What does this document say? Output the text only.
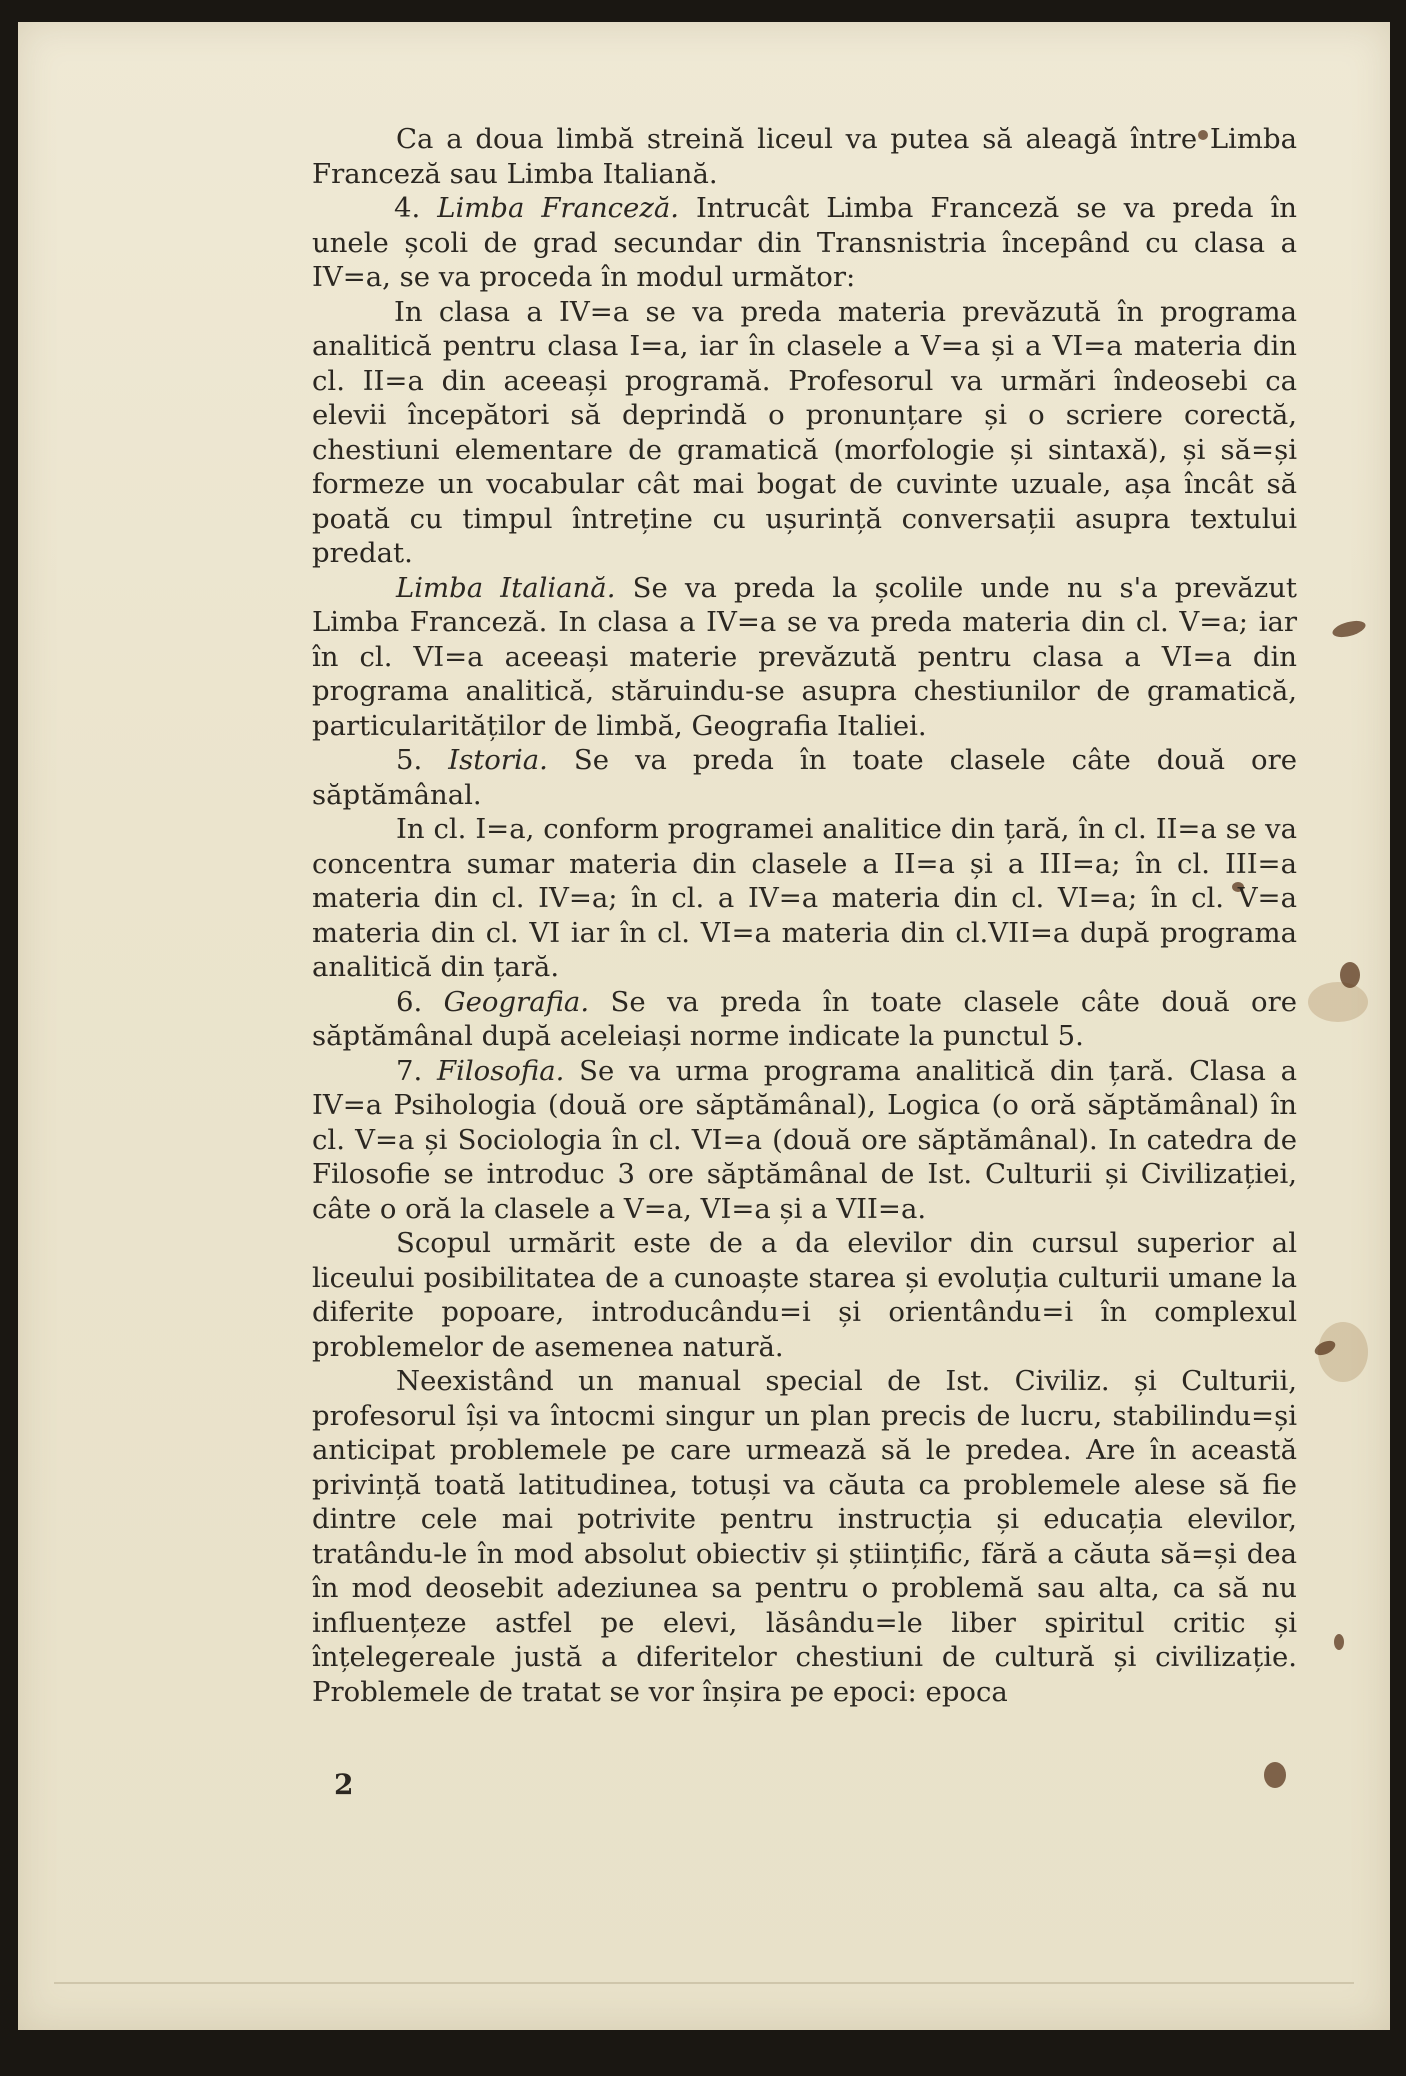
Ca a doua limbă streină liceul va putea să aleagă între Limba Franceză sau Limba Italiană.

4. Limba Franceză. Intrucât Limba Franceză se va preda în unele școli de grad secundar din Transnistria începând cu clasa a IV=a, se va proceda în modul următor:

In clasa a IV=a se va preda materia prevăzută în programa analitică pentru clasa I=a, iar în clasele a V=a și a VI=a materia din cl. II=a din aceeași programă. Profesorul va urmări îndeosebi ca elevii începători să deprindă o pronunțare și o scriere corectă, chestiuni elementare de gramatică (morfologie și sintaxă), și să=și formeze un vocabular cât mai bogat de cuvinte uzuale, așa încât să poată cu timpul întreține cu ușurință conversații asupra textului predat.

Limba Italiană. Se va preda la școlile unde nu s'a prevăzut Limba Franceză. In clasa a IV=a se va preda materia din cl. V=a; iar în cl. VI=a aceeași materie prevăzută pentru clasa a VI=a din programa analitică, stăruindu-se asupra chestiunilor de gramatică, particularităților de limbă, Geografia Italiei.

5. Istoria. Se va preda în toate clasele câte două ore săptămânal.

In cl. I=a, conform programei analitice din țară, în cl. II=a se va concentra sumar materia din clasele a II=a și a III=a; în cl. III=a materia din cl. IV=a; în cl. a IV=a materia din cl. VI=a; în cl. V=a materia din cl. VI iar în cl. VI=a materia din cl.VII=a după programa analitică din țară.

6. Geografia. Se va preda în toate clasele câte două ore săptămânal după aceleiași norme indicate la punctul 5.

7. Filosofia. Se va urma programa analitică din țară. Clasa a IV=a Psihologia (două ore săptămânal), Logica (o oră săptămânal) în cl. V=a și Sociologia în cl. VI=a (două ore săptămânal). In catedra de Filosofie se introduc 3 ore săptămânal de Ist. Culturii și Civilizației, câte o oră la clasele a V=a, VI=a și a VII=a.

Scopul urmărit este de a da elevilor din cursul superior al liceului posibilitatea de a cunoaște starea și evoluția culturii umane la diferite popoare, introducându=i și orientându=i în complexul problemelor de asemenea natură.

Neexistând un manual special de Ist. Civiliz. și Culturii, profesorul își va întocmi singur un plan precis de lucru, stabilindu=și anticipat problemele pe care urmează să le predea. Are în această privință toată latitudinea, totuși va căuta ca problemele alese să fie dintre cele mai potrivite pentru instrucția și educația elevilor, tratându-le în mod absolut obiectiv și științific, fără a căuta să=și dea în mod deosebit adeziunea sa pentru o problemă sau alta, ca să nu influențeze astfel pe elevi, lăsându=le liber spiritul critic și înțelegereale justă a diferitelor chestiuni de cultură și civilizație. Problemele de tratat se vor înșira pe epoci: epoca

2
